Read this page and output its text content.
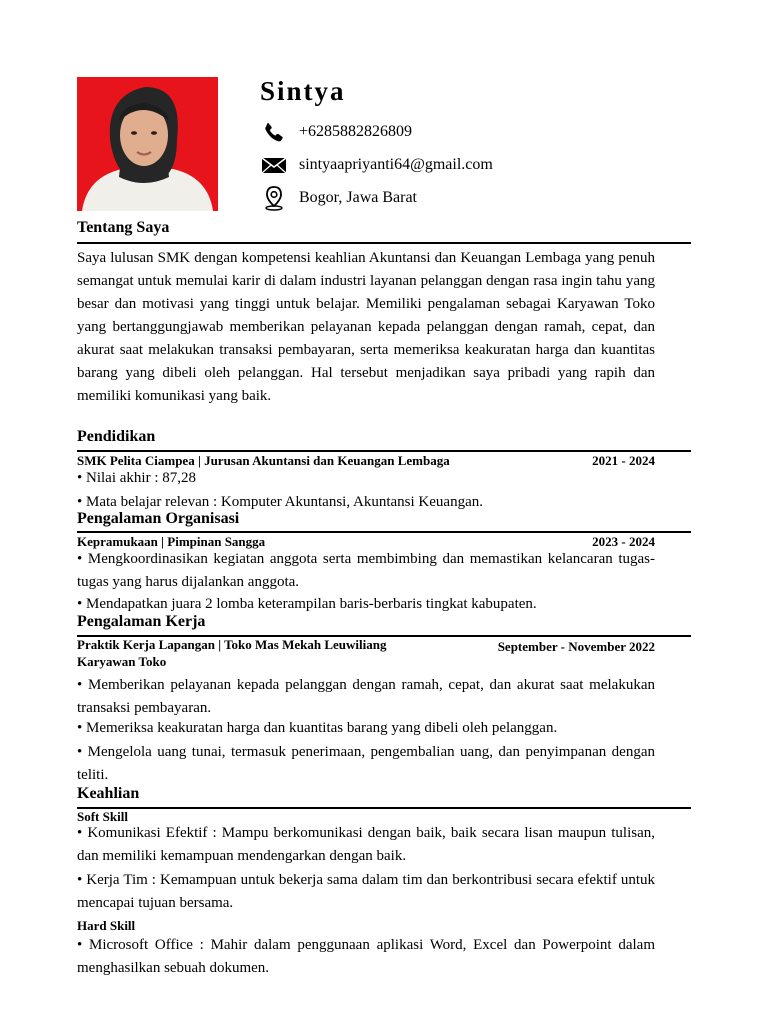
Sintya
+6285882826809
sintyaapriyanti64@gmail.com
Bogor, Jawa Barat
Tentang Saya

Saya lulusan SMK dengan kompetensi keahlian Akuntansi dan Keuangan Lembaga yang penuh semangat untuk memulai karir di dalam industri layanan pelanggan dengan rasa ingin tahu yang besar dan motivasi yang tinggi untuk belajar. Memiliki pengalaman sebagai Karyawan Toko yang bertanggungjawab memberikan pelayanan kepada pelanggan dengan ramah, cepat, dan akurat saat melakukan transaksi pembayaran, serta memeriksa keakuratan harga dan kuantitas barang yang dibeli oleh pelanggan. Hal tersebut menjadikan saya pribadi yang rapih dan memiliki komunikasi yang baik.

Pendidikan
SMK Pelita Ciampea | Jurusan Akuntansi dan Keuangan Lembaga	2021 - 2024
• Nilai akhir : 87,28
• Mata belajar relevan : Komputer Akuntansi, Akuntansi Keuangan.
Pengalaman Organisasi
Kepramukaan | Pimpinan Sangga	2023 - 2024

• Mengkoordinasikan kegiatan anggota serta membimbing dan memastikan kelancaran tugas-tugas yang harus dijalankan anggota.

• Mendapatkan juara 2 lomba keterampilan baris-berbaris tingkat kabupaten.
Pengalaman Kerja
Praktik Kerja Lapangan | Toko Mas Mekah Leuwiliang	September - November 2022
Karyawan Toko

• Memberikan pelayanan kepada pelanggan dengan ramah, cepat, dan akurat saat melakukan transaksi pembayaran.

• Memeriksa keakuratan harga dan kuantitas barang yang dibeli oleh pelanggan.

• Mengelola uang tunai, termasuk penerimaan, pengembalian uang, dan penyimpanan dengan teliti.

Keahlian
Soft Skill

• Komunikasi Efektif : Mampu berkomunikasi dengan baik, baik secara lisan maupun tulisan, dan memiliki kemampuan mendengarkan dengan baik.

• Kerja Tim : Kemampuan untuk bekerja sama dalam tim dan berkontribusi secara efektif untuk mencapai tujuan bersama.

Hard Skill

• Microsoft Office : Mahir dalam penggunaan aplikasi Word, Excel dan Powerpoint dalam menghasilkan sebuah dokumen.
